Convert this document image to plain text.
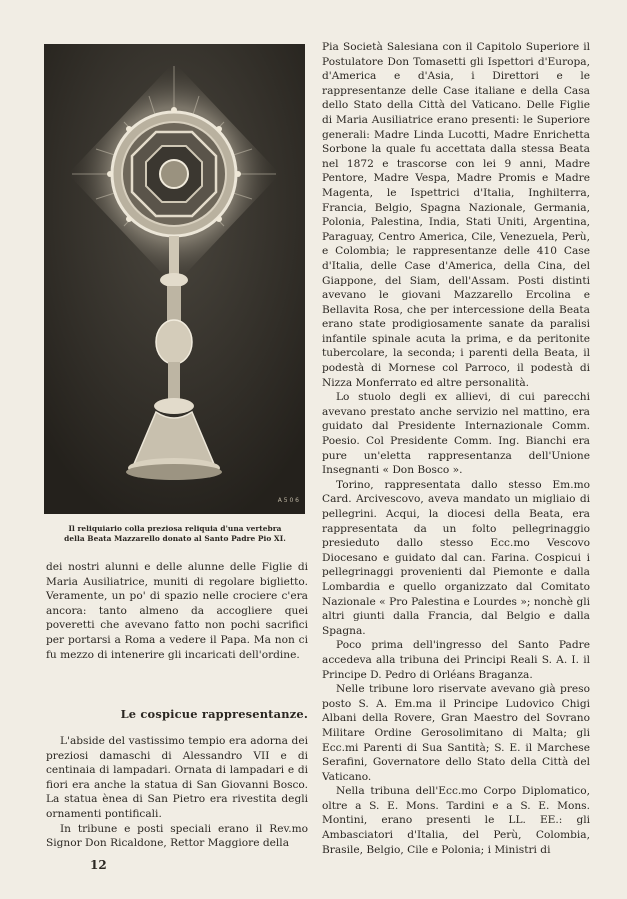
A 5 0 6
Il reliquiario colla preziosa reliquia d'una vertebra
della Beata Mazzarello donato al Santo Padre Pio XI.

dei nostri alunni e delle alunne delle Figlie di Maria Ausiliatrice, muniti di regolare biglietto. Veramente, un po' di spazio nelle crociere c'era ancora: tanto almeno da accogliere quei poveretti che avevano fatto non pochi sacrifici per portarsi a Roma a vedere il Papa. Ma non ci fu mezzo di intenerire gli incaricati dell'ordine.

Le cospicue rappresentanze.

L'abside del vastissimo tempio era adorna dei preziosi damaschi di Alessandro VII e di centinaia di lampadari. Ornata di lampadari e di fiori era anche la statua di San Giovanni Bosco. La statua ènea di San Pietro era rivestita degli ornamenti pontificali.

In tribune e posti speciali erano il Rev.mo Signor Don Ricaldone, Rettor Maggiore della

12

Pia Società Salesiana con il Capitolo Superiore il Postulatore Don Tomasetti gli Ispettori d'Europa, d'America e d'Asia, i Direttori e le rappresentanze delle Case italiane e della Casa dello Stato della Città del Vaticano. Delle Figlie di Maria Ausiliatrice erano presenti: le Superiore generali: Madre Linda Lucotti, Madre Enrichetta Sorbone la quale fu accettata dalla stessa Beata nel 1872 e trascorse con lei 9 anni, Madre Pentore, Madre Vespa, Madre Promis e Madre Magenta, le Ispettrici d'Italia, Inghilterra, Francia, Belgio, Spagna Nazionale, Germania, Polonia, Palestina, India, Stati Uniti, Argentina, Paraguay, Centro America, Cile, Venezuela, Perù, e Colombia; le rappresentanze delle 410 Case d'Italia, delle Case d'America, della Cina, del Giappone, del Siam, dell'Assam. Posti distinti avevano le giovani Mazzarello Ercolina e Bellavita Rosa, che per intercessione della Beata erano state prodigiosamente sanate da paralisi infantile spinale acuta la prima, e da peritonite tubercolare, la seconda; i parenti della Beata, il podestà di Mornese col Parroco, il podestà di Nizza Monferrato ed altre personalità.

Lo stuolo degli ex allievi, di cui parecchi avevano prestato anche servizio nel mattino, era guidato dal Presidente Internazionale Comm. Poesio. Col Presidente Comm. Ing. Bianchi era pure un'eletta rappresentanza dell'Unione Insegnanti « Don Bosco ».

Torino, rappresentata dallo stesso Em.mo Card. Arcivescovo, aveva mandato un migliaio di pellegrini. Acqui, la diocesi della Beata, era rappresentata da un folto pellegrinaggio presieduto dallo stesso Ecc.mo Vescovo Diocesano e guidato dal can. Farina. Cospicui i pellegrinaggi provenienti dal Piemonte e dalla Lombardia e quello organizzato dal Comitato Nazionale « Pro Palestina e Lourdes »; nonchè gli altri giunti dalla Francia, dal Belgio e dalla Spagna.

Poco prima dell'ingresso del Santo Padre accedeva alla tribuna dei Principi Reali S. A. I. il Principe D. Pedro di Orléans Braganza.

Nelle tribune loro riservate avevano già preso posto S. A. Em.ma il Principe Ludovico Chigi Albani della Rovere, Gran Maestro del Sovrano Militare Ordine Gerosolimitano di Malta; gli Ecc.mi Parenti di Sua Santità; S. E. il Marchese Serafini, Governatore dello Stato della Città del Vaticano.

Nella tribuna dell'Ecc.mo Corpo Diplomatico, oltre a S. E. Mons. Tardini e a S. E. Mons. Montini, erano presenti le LL. EE.: gli Ambasciatori d'Italia, del Perù, Colombia, Brasile, Belgio, Cile e Polonia; i Ministri di
